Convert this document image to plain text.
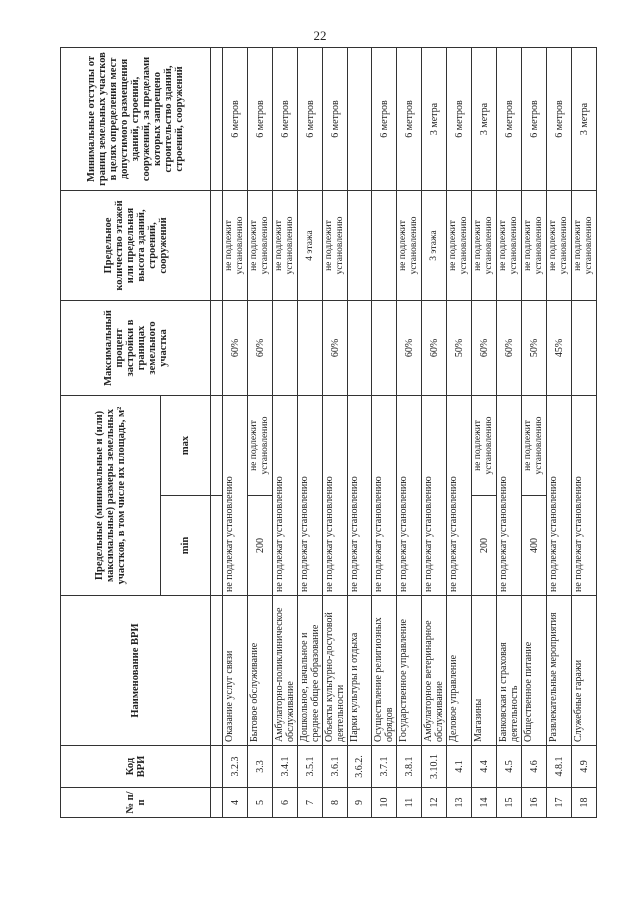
22
№ п/п	Код ВРИ	Наименование ВРИ	Предельные (минимальные и (или) максимальные) размеры земельных участков, в том числе их площадь, м²		Максимальный процент застройки в границах земельного участка	Предельное количество этажей или предельная высота зданий, строений, сооружений	Минимальные отступы от границ земельных участков в целях определения мест допустимого размещения зданий, строений, сооружений, за пределами которых запрещено строительство зданий, строений, сооружений
			min	max			

4	3.2.3	Оказание услуг связи	не подлежат установлению		60%	не подлежит установлению	6 метров
5	3.3	Бытовое обслуживание	200	не подлежит установлению	60%	не подлежит установлению	6 метров
6	3.4.1	Амбулаторно-поликлиническое обслуживание	не подлежат установлению			не подлежит установлению	6 метров
7	3.5.1	Дошкольное, начальное и среднее общее образование	не подлежат установлению			4 этажа	6 метров
8	3.6.1	Объекты культурно-досуговой деятельности	не подлежат установлению		60%	не подлежит установлению	6 метров
9	3.6.2.	Парки культуры и отдыха	не подлежат установлению				
10	3.7.1	Осуществление религиозных обрядов	не подлежат установлению				6 метров
11	3.8.1	Государственное управление	не подлежат установлению		60%	не подлежит установлению	6 метров
12	3.10.1	Амбулаторное ветеринарное обслуживание	не подлежат установлению		60%	3 этажа	3 метра
13	4.1	Деловое управление	не подлежат установлению		50%	не подлежит установлению	6 метров
14	4.4	Магазины	200	не подлежит установлению	60%	не подлежит установлению	3 метра
15	4.5	Банковская и страховая деятельность	не подлежат установлению		60%	не подлежит установлению	6 метров
16	4.6	Общественное питание	400	не подлежит установлению	50%	не подлежит установлению	6 метров
17	4.8.1	Развлекательные мероприятия	не подлежат установлению		45%	не подлежит установлению	6 метров
18	4.9	Служебные гаражи	не подлежат установлению			не подлежит установлению	3 метра
